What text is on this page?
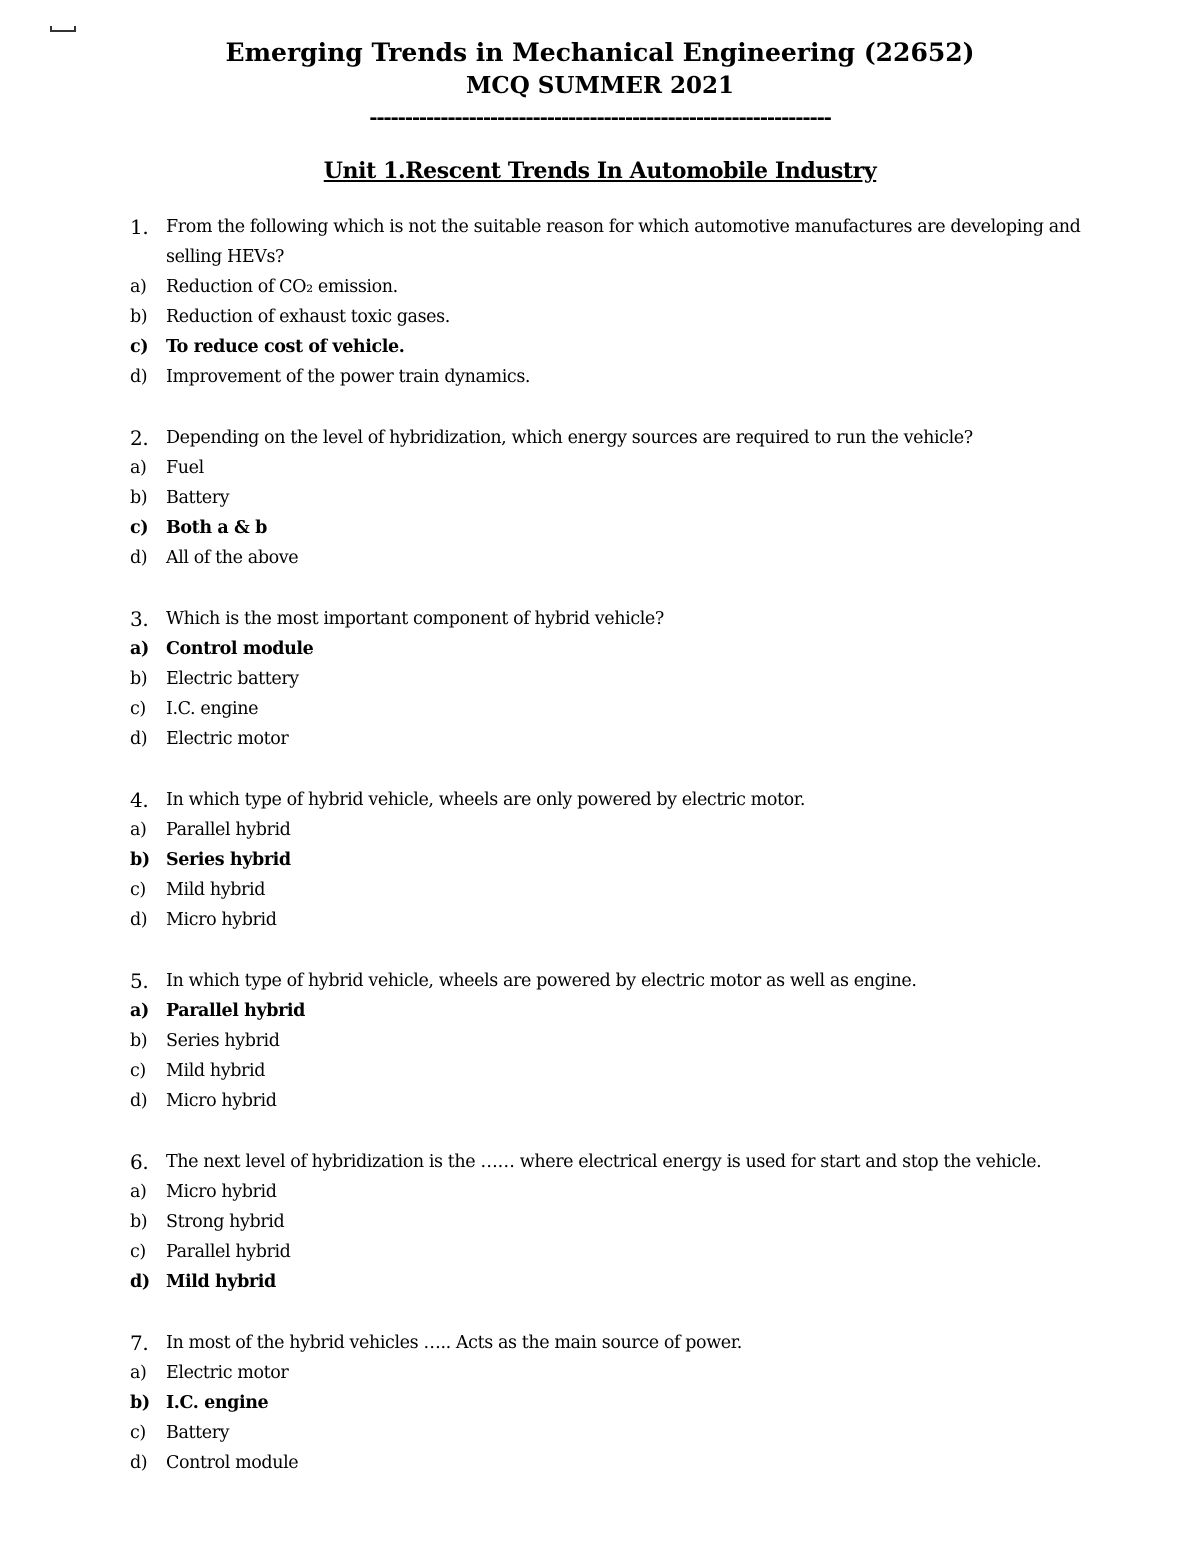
Emerging Trends in Mechanical Engineering (22652)
MCQ SUMMER 2021
-----------------------------------------------------------------
Unit 1.Rescent Trends In Automobile Industry
1.	From the following which is not the suitable reason for which automotive manufactures are developing and selling HEVs?
a)	Reduction of CO₂ emission.
b)	Reduction of exhaust toxic gases.
c)	To reduce cost of vehicle.
d)	Improvement of the power train dynamics.
2.	Depending on the level of hybridization, which energy sources are required to run the vehicle?
a)	Fuel
b)	Battery
c)	Both a & b
d)	All of the above
3.	Which is the most important component of hybrid vehicle?
a) Control module
b)	Electric battery
c)	I.C. engine
d)	Electric motor
4.	In which type of hybrid vehicle, wheels are only powered by electric motor.
a)	Parallel hybrid
b) Series hybrid
c)	Mild hybrid
d)	Micro hybrid
5.	In which type of hybrid vehicle, wheels are powered by electric motor as well as engine.
a) Parallel hybrid
b)	Series hybrid
c)	Mild hybrid
d)	Micro hybrid
6.	The next level of hybridization is the …… where electrical energy is used for start and stop the vehicle.
a)	Micro hybrid
b)	Strong hybrid
c)	Parallel hybrid
d) Mild hybrid
7.	In most of the hybrid vehicles ….. Acts as the main source of power.
a)	Electric motor
b) I.C. engine
c)	Battery
d)	Control module
